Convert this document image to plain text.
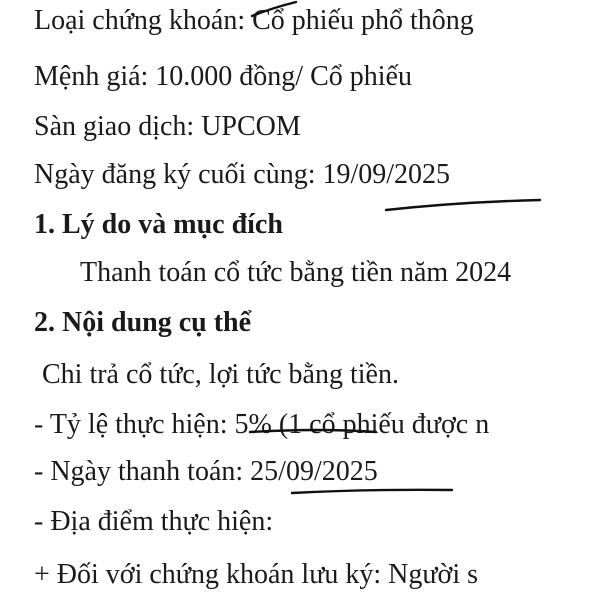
Loại chứng khoán: Cổ phiếu phổ thông
Mệnh giá: 10.000 đồng/ Cổ phiếu
Sàn giao dịch: UPCOM
Ngày đăng ký cuối cùng: 19/09/2025
1. Lý do và mục đích
Thanh toán cổ tức bằng tiền năm 2024
2. Nội dung cụ thể
Chi trả cổ tức, lợi tức bằng tiền.
- Tỷ lệ thực hiện: 5% (1 cổ phiếu được n
- Ngày thanh toán: 25/09/2025
- Địa điểm thực hiện:
+ Đối với chứng khoán lưu ký: Người s
